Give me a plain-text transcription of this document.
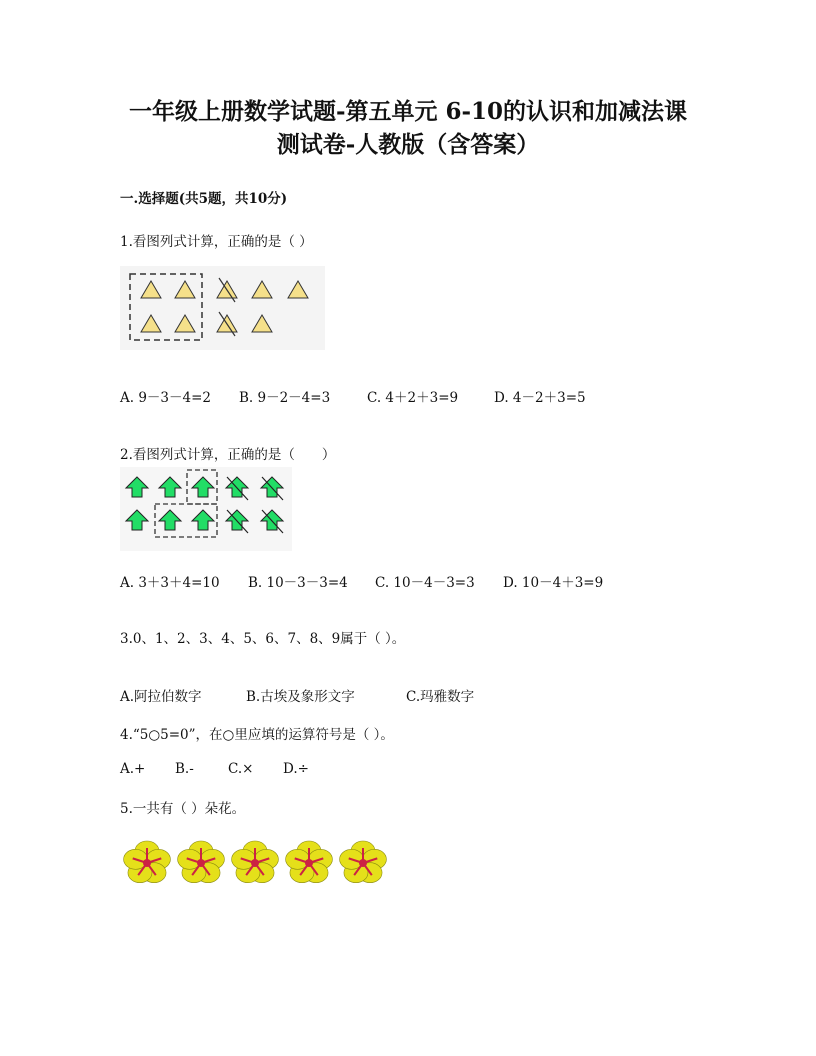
一年级上册数学试题-第五单元 6-10的认识和加减法课
测试卷-人教版（含答案）
一.选择题(共5题，共10分)
1.看图列式计算，正确的是（ ）
A. 9－3－4=2 B. 9－2－4=3	C. 4＋2＋3=9	D. 4－2＋3=5
2.看图列式计算，正确的是（　　）
A. 3＋3＋4=10 B. 10－3－3=4 C. 10－4－3=3 D. 10－4＋3=9
3.0、1、2、3、4、5、6、7、8、9属于（ ）。
A.阿拉伯数字	B.古埃及象形文字	C.玛雅数字
4.“5○5=0”，在○里应填的运算符号是（ ）。
A.+ B.-	C.× D.÷
5.一共有（ ）朵花。
